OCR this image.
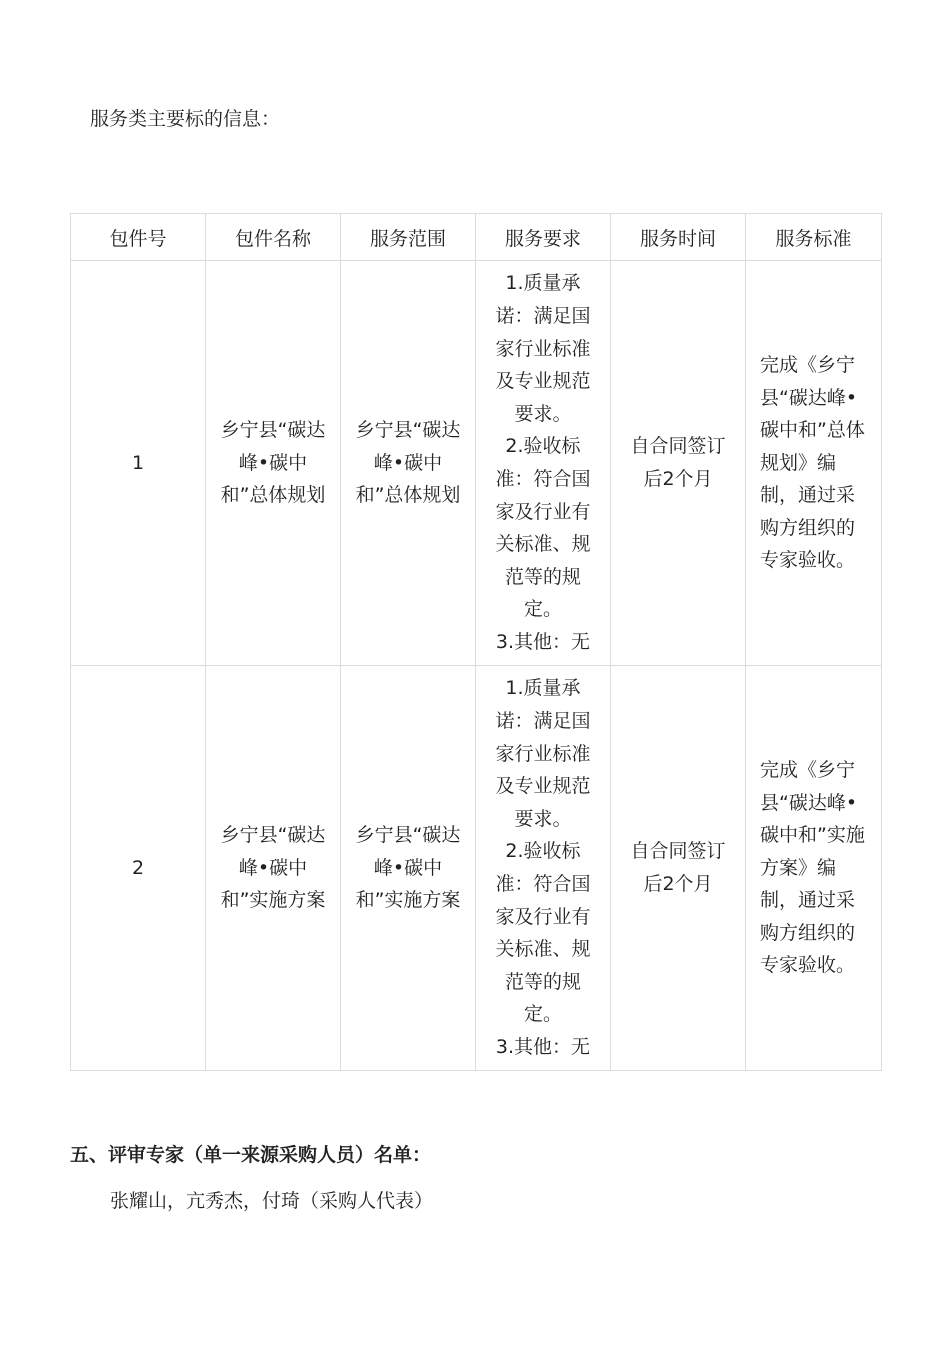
服务类主要标的信息：

包件号	包件名称	服务范围	服务要求	服务时间	服务标准
1	乡宁县“碳达峰•碳中和”总体规划	乡宁县“碳达峰•碳中和”总体规划	1.质量承诺：满足国家行业标准及专业规范要求。
2.验收标准：符合国家及行业有关标准、规范等的规定。
3.其他：无	自合同签订后2个月	完成《乡宁县“碳达峰•碳中和”总体规划》编制，通过采购方组织的专家验收。
2	乡宁县“碳达峰•碳中和”实施方案	乡宁县“碳达峰•碳中和”实施方案	1.质量承诺：满足国家行业标准及专业规范要求。
2.验收标准：符合国家及行业有关标准、规范等的规定。
3.其他：无	自合同签订后2个月	完成《乡宁县“碳达峰•碳中和”实施方案》编制，通过采购方组织的专家验收。

五、评审专家（单一来源采购人员）名单：

张耀山，亢秀杰，付琦（采购人代表）
